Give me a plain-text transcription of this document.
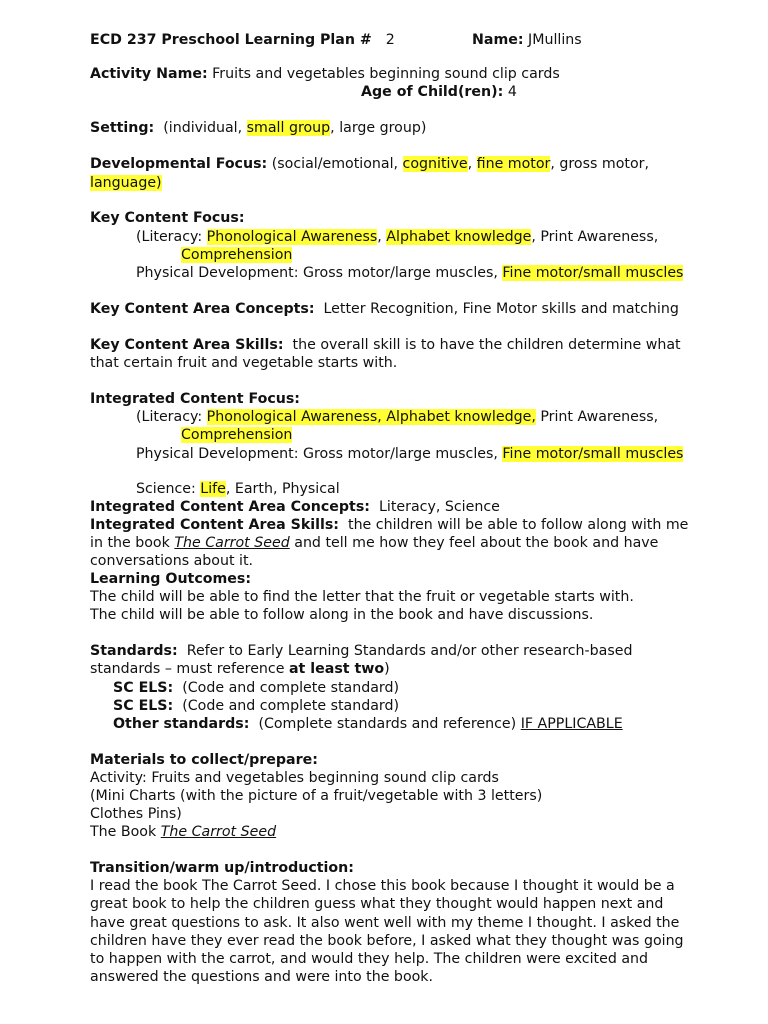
ECD 237 Preschool Learning Plan # 2	Name: JMullins
Activity Name: Fruits and vegetables beginning sound clip cards
Age of Child(ren): 4
Setting: (individual, small group, large group)
Developmental Focus: (social/emotional, cognitive, fine motor, gross motor,
language)
Key Content Focus:
(Literacy: Phonological Awareness, Alphabet knowledge, Print Awareness,
Comprehension
Physical Development: Gross motor/large muscles, Fine motor/small muscles
Key Content Area Concepts: Letter Recognition, Fine Motor skills and matching
Key Content Area Skills: the overall skill is to have the children determine what
that certain fruit and vegetable starts with.
Integrated Content Focus:
(Literacy: Phonological Awareness, Alphabet knowledge, Print Awareness,
Comprehension
Physical Development: Gross motor/large muscles, Fine motor/small muscles
Science: Life, Earth, Physical
Integrated Content Area Concepts: Literacy, Science
Integrated Content Area Skills: the children will be able to follow along with me
in the book The Carrot Seed and tell me how they feel about the book and have
conversations about it.
Learning Outcomes:
The child will be able to find the letter that the fruit or vegetable starts with.
The child will be able to follow along in the book and have discussions.
Standards: Refer to Early Learning Standards and/or other research-based
standards – must reference at least two)
SC ELS: (Code and complete standard)
SC ELS: (Code and complete standard)
Other standards: (Complete standards and reference) IF APPLICABLE
Materials to collect/prepare:
Activity: Fruits and vegetables beginning sound clip cards
(Mini Charts (with the picture of a fruit/vegetable with 3 letters)
Clothes Pins)
The Book The Carrot Seed
Transition/warm up/introduction:
I read the book The Carrot Seed. I chose this book because I thought it would be a
great book to help the children guess what they thought would happen next and
have great questions to ask. It also went well with my theme I thought. I asked the
children have they ever read the book before, I asked what they thought was going
to happen with the carrot, and would they help. The children were excited and
answered the questions and were into the book.
